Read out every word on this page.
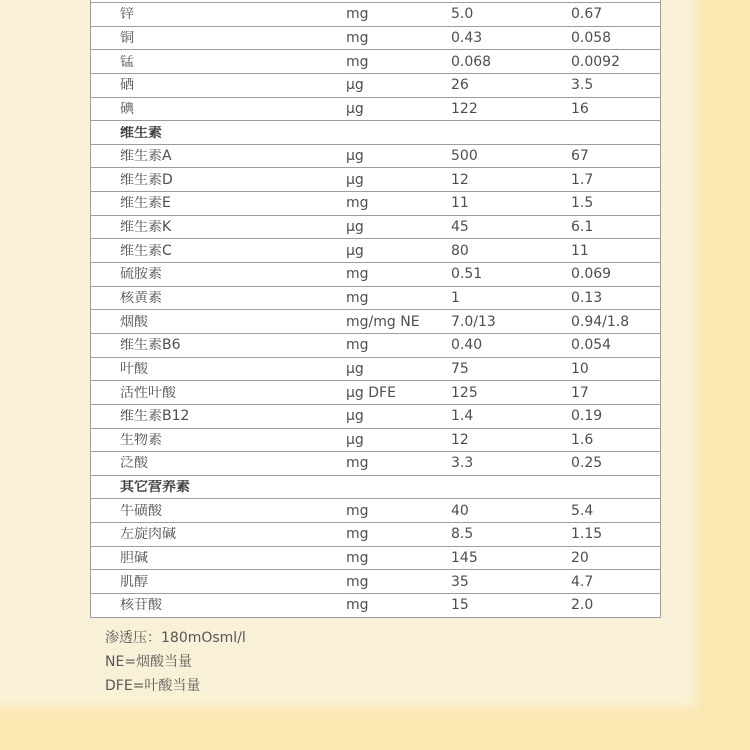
锌	mg	5.0	0.67
铜	mg	0.43	0.058
锰	mg	0.068	0.0092
硒	μg	26	3.5
碘	μg	122	16
维生素
维生素A	μg	500	67
维生素D	μg	12	1.7
维生素E	mg	11	1.5
维生素K	μg	45	6.1
维生素C	μg	80	11
硫胺素	mg	0.51	0.069
核黄素	mg	1	0.13
烟酸	mg/mg NE	7.0/13	0.94/1.8
维生素B6	mg	0.40	0.054
叶酸	μg	75	10
活性叶酸	μg DFE	125	17
维生素B12	μg	1.4	0.19
生物素	μg	12	1.6
泛酸	mg	3.3	0.25
其它营养素
牛磺酸	mg	40	5.4
左旋肉碱	mg	8.5	1.15
胆碱	mg	145	20
肌醇	mg	35	4.7
核苷酸	mg	15	2.0
渗透压：180mOsml/l
NE=烟酸当量
DFE=叶酸当量
